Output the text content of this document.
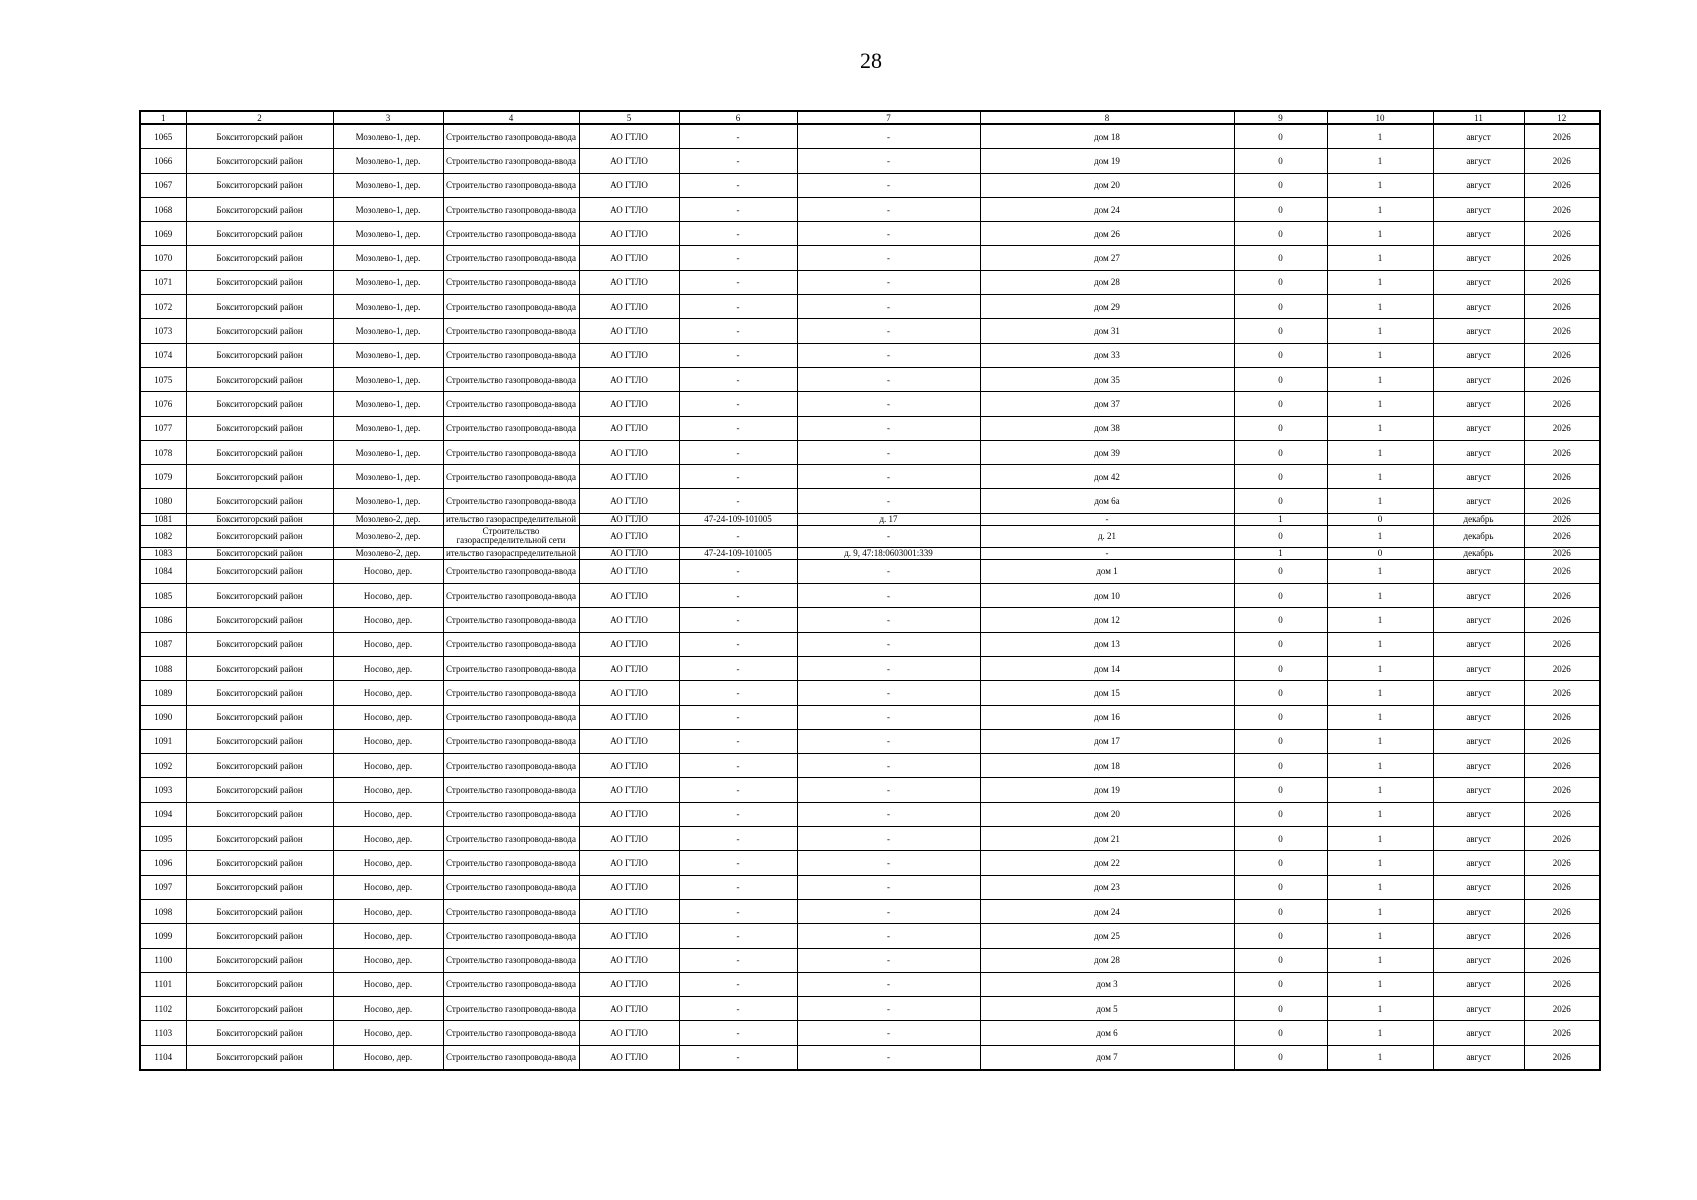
28
1	2	3	4	5	6	7	8	9	10	11	12
1065	Бокситогорский район	Мозолево-1, дер.	Строительство газопровода-ввода	АО ГТЛО	-	-	дом 18	0	1	август	2026
1066	Бокситогорский район	Мозолево-1, дер.	Строительство газопровода-ввода	АО ГТЛО	-	-	дом 19	0	1	август	2026
1067	Бокситогорский район	Мозолево-1, дер.	Строительство газопровода-ввода	АО ГТЛО	-	-	дом 20	0	1	август	2026
1068	Бокситогорский район	Мозолево-1, дер.	Строительство газопровода-ввода	АО ГТЛО	-	-	дом 24	0	1	август	2026
1069	Бокситогорский район	Мозолево-1, дер.	Строительство газопровода-ввода	АО ГТЛО	-	-	дом 26	0	1	август	2026
1070	Бокситогорский район	Мозолево-1, дер.	Строительство газопровода-ввода	АО ГТЛО	-	-	дом 27	0	1	август	2026
1071	Бокситогорский район	Мозолево-1, дер.	Строительство газопровода-ввода	АО ГТЛО	-	-	дом 28	0	1	август	2026
1072	Бокситогорский район	Мозолево-1, дер.	Строительство газопровода-ввода	АО ГТЛО	-	-	дом 29	0	1	август	2026
1073	Бокситогорский район	Мозолево-1, дер.	Строительство газопровода-ввода	АО ГТЛО	-	-	дом 31	0	1	август	2026
1074	Бокситогорский район	Мозолево-1, дер.	Строительство газопровода-ввода	АО ГТЛО	-	-	дом 33	0	1	август	2026
1075	Бокситогорский район	Мозолево-1, дер.	Строительство газопровода-ввода	АО ГТЛО	-	-	дом 35	0	1	август	2026
1076	Бокситогорский район	Мозолево-1, дер.	Строительство газопровода-ввода	АО ГТЛО	-	-	дом 37	0	1	август	2026
1077	Бокситогорский район	Мозолево-1, дер.	Строительство газопровода-ввода	АО ГТЛО	-	-	дом 38	0	1	август	2026
1078	Бокситогорский район	Мозолево-1, дер.	Строительство газопровода-ввода	АО ГТЛО	-	-	дом 39	0	1	август	2026
1079	Бокситогорский район	Мозолево-1, дер.	Строительство газопровода-ввода	АО ГТЛО	-	-	дом 42	0	1	август	2026
1080	Бокситогорский район	Мозолево-1, дер.	Строительство газопровода-ввода	АО ГТЛО	-	-	дом 6а	0	1	август	2026
1081	Бокситогорский район	Мозолево-2, дер.	ительство газораспределительной	АО ГТЛО	47-24-109-101005	д. 17	-	1	0	декабрь	2026
1082	Бокситогорский район	Мозолево-2, дер.	Строительство газораспределительной сети	АО ГТЛО	-	-	д. 21	0	1	декабрь	2026
1083	Бокситогорский район	Мозолево-2, дер.	ительство газораспределительной	АО ГТЛО	47-24-109-101005	д. 9, 47:18:0603001:339	-	1	0	декабрь	2026
1084	Бокситогорский район	Носово, дер.	Строительство газопровода-ввода	АО ГТЛО	-	-	дом 1	0	1	август	2026
1085	Бокситогорский район	Носово, дер.	Строительство газопровода-ввода	АО ГТЛО	-	-	дом 10	0	1	август	2026
1086	Бокситогорский район	Носово, дер.	Строительство газопровода-ввода	АО ГТЛО	-	-	дом 12	0	1	август	2026
1087	Бокситогорский район	Носово, дер.	Строительство газопровода-ввода	АО ГТЛО	-	-	дом 13	0	1	август	2026
1088	Бокситогорский район	Носово, дер.	Строительство газопровода-ввода	АО ГТЛО	-	-	дом 14	0	1	август	2026
1089	Бокситогорский район	Носово, дер.	Строительство газопровода-ввода	АО ГТЛО	-	-	дом 15	0	1	август	2026
1090	Бокситогорский район	Носово, дер.	Строительство газопровода-ввода	АО ГТЛО	-	-	дом 16	0	1	август	2026
1091	Бокситогорский район	Носово, дер.	Строительство газопровода-ввода	АО ГТЛО	-	-	дом 17	0	1	август	2026
1092	Бокситогорский район	Носово, дер.	Строительство газопровода-ввода	АО ГТЛО	-	-	дом 18	0	1	август	2026
1093	Бокситогорский район	Носово, дер.	Строительство газопровода-ввода	АО ГТЛО	-	-	дом 19	0	1	август	2026
1094	Бокситогорский район	Носово, дер.	Строительство газопровода-ввода	АО ГТЛО	-	-	дом 20	0	1	август	2026
1095	Бокситогорский район	Носово, дер.	Строительство газопровода-ввода	АО ГТЛО	-	-	дом 21	0	1	август	2026
1096	Бокситогорский район	Носово, дер.	Строительство газопровода-ввода	АО ГТЛО	-	-	дом 22	0	1	август	2026
1097	Бокситогорский район	Носово, дер.	Строительство газопровода-ввода	АО ГТЛО	-	-	дом 23	0	1	август	2026
1098	Бокситогорский район	Носово, дер.	Строительство газопровода-ввода	АО ГТЛО	-	-	дом 24	0	1	август	2026
1099	Бокситогорский район	Носово, дер.	Строительство газопровода-ввода	АО ГТЛО	-	-	дом 25	0	1	август	2026
1100	Бокситогорский район	Носово, дер.	Строительство газопровода-ввода	АО ГТЛО	-	-	дом 28	0	1	август	2026
1101	Бокситогорский район	Носово, дер.	Строительство газопровода-ввода	АО ГТЛО	-	-	дом 3	0	1	август	2026
1102	Бокситогорский район	Носово, дер.	Строительство газопровода-ввода	АО ГТЛО	-	-	дом 5	0	1	август	2026
1103	Бокситогорский район	Носово, дер.	Строительство газопровода-ввода	АО ГТЛО	-	-	дом 6	0	1	август	2026
1104	Бокситогорский район	Носово, дер.	Строительство газопровода-ввода	АО ГТЛО	-	-	дом 7	0	1	август	2026
